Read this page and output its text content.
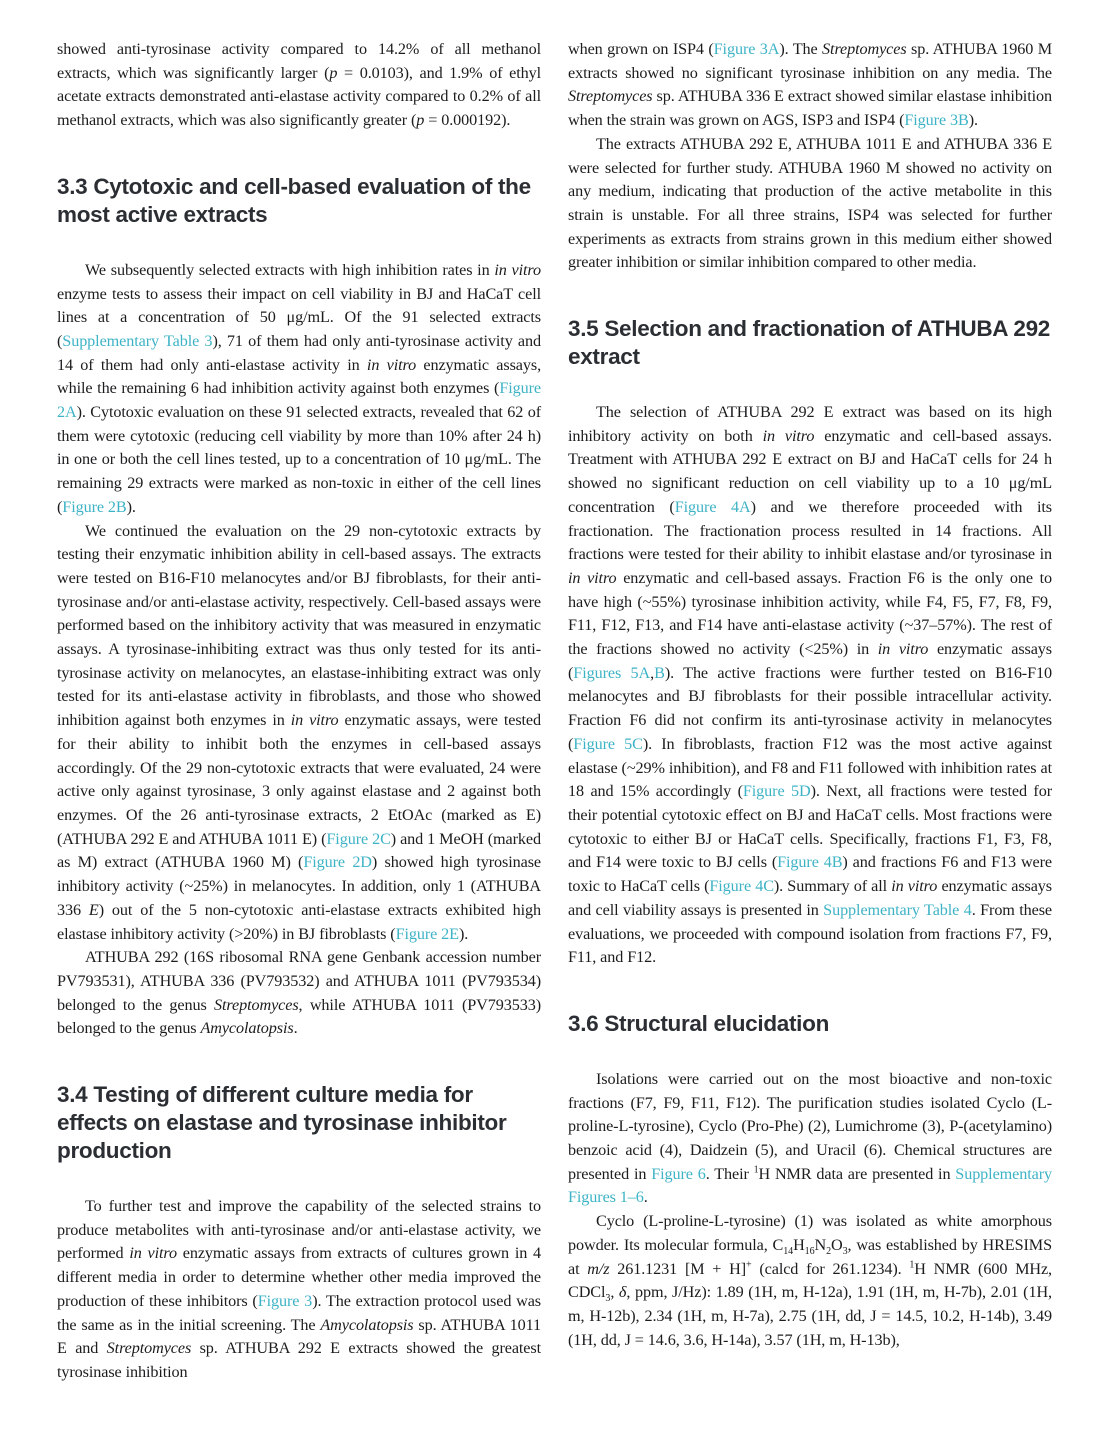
showed anti-tyrosinase activity compared to 14.2% of all methanol extracts, which was significantly larger (p = 0.0103), and 1.9% of ethyl acetate extracts demonstrated anti-elastase activity compared to 0.2% of all methanol extracts, which was also significantly greater (p = 0.000192).

3.3 Cytotoxic and cell-based evaluation of the most active extracts

We subsequently selected extracts with high inhibition rates in in vitro enzyme tests to assess their impact on cell viability in BJ and HaCaT cell lines at a concentration of 50 μg/mL. Of the 91 selected extracts (Supplementary Table 3), 71 of them had only anti-tyrosinase activity and 14 of them had only anti-elastase activity in in vitro enzymatic assays, while the remaining 6 had inhibition activity against both enzymes (Figure 2A). Cytotoxic evaluation on these 91 selected extracts, revealed that 62 of them were cytotoxic (reducing cell viability by more than 10% after 24 h) in one or both the cell lines tested, up to a concentration of 10 μg/mL. The remaining 29 extracts were marked as non-toxic in either of the cell lines (Figure 2B).

We continued the evaluation on the 29 non-cytotoxic extracts by testing their enzymatic inhibition ability in cell-based assays. The extracts were tested on B16-F10 melanocytes and/or BJ fibroblasts, for their anti-tyrosinase and/or anti-elastase activity, respectively. Cell-based assays were performed based on the inhibitory activity that was measured in enzymatic assays. A tyrosinase-inhibiting extract was thus only tested for its anti-tyrosinase activity on melanocytes, an elastase-inhibiting extract was only tested for its anti-elastase activity in fibroblasts, and those who showed inhibition against both enzymes in in vitro enzymatic assays, were tested for their ability to inhibit both the enzymes in cell-based assays accordingly. Of the 29 non-cytotoxic extracts that were evaluated, 24 were active only against tyrosinase, 3 only against elastase and 2 against both enzymes. Of the 26 anti-tyrosinase extracts, 2 EtOAc (marked as E) (ATHUBA 292 E and ATHUBA 1011 E) (Figure 2C) and 1 MeOH (marked as M) extract (ATHUBA 1960 M) (Figure 2D) showed high tyrosinase inhibitory activity (~25%) in melanocytes. In addition, only 1 (ATHUBA 336 E) out of the 5 non-cytotoxic anti-elastase extracts exhibited high elastase inhibitory activity (>20%) in BJ fibroblasts (Figure 2E).

ATHUBA 292 (16S ribosomal RNA gene Genbank accession number PV793531), ATHUBA 336 (PV793532) and ATHUBA 1011 (PV793534) belonged to the genus Streptomyces, while ATHUBA 1011 (PV793533) belonged to the genus Amycolatopsis.

3.4 Testing of different culture media for effects on elastase and tyrosinase inhibitor production

To further test and improve the capability of the selected strains to produce metabolites with anti-tyrosinase and/or anti-elastase activity, we performed in vitro enzymatic assays from extracts of cultures grown in 4 different media in order to determine whether other media improved the production of these inhibitors (Figure 3). The extraction protocol used was the same as in the initial screening. The Amycolatopsis sp. ATHUBA 1011 E and Streptomyces sp. ATHUBA 292 E extracts showed the greatest tyrosinase inhibition

when grown on ISP4 (Figure 3A). The Streptomyces sp. ATHUBA 1960 M extracts showed no significant tyrosinase inhibition on any media. The Streptomyces sp. ATHUBA 336 E extract showed similar elastase inhibition when the strain was grown on AGS, ISP3 and ISP4 (Figure 3B).

The extracts ATHUBA 292 E, ATHUBA 1011 E and ATHUBA 336 E were selected for further study. ATHUBA 1960 M showed no activity on any medium, indicating that production of the active metabolite in this strain is unstable. For all three strains, ISP4 was selected for further experiments as extracts from strains grown in this medium either showed greater inhibition or similar inhibition compared to other media.

3.5 Selection and fractionation of ATHUBA 292 extract

The selection of ATHUBA 292 E extract was based on its high inhibitory activity on both in vitro enzymatic and cell-based assays. Treatment with ATHUBA 292 E extract on BJ and HaCaT cells for 24 h showed no significant reduction on cell viability up to a 10 μg/mL concentration (Figure 4A) and we therefore proceeded with its fractionation. The fractionation process resulted in 14 fractions. All fractions were tested for their ability to inhibit elastase and/or tyrosinase in in vitro enzymatic and cell-based assays. Fraction F6 is the only one to have high (~55%) tyrosinase inhibition activity, while F4, F5, F7, F8, F9, F11, F12, F13, and F14 have anti-elastase activity (~37–57%). The rest of the fractions showed no activity (<25%) in in vitro enzymatic assays (Figures 5A,B). The active fractions were further tested on B16-F10 melanocytes and BJ fibroblasts for their possible intracellular activity. Fraction F6 did not confirm its anti-tyrosinase activity in melanocytes (Figure 5C). In fibroblasts, fraction F12 was the most active against elastase (~29% inhibition), and F8 and F11 followed with inhibition rates at 18 and 15% accordingly (Figure 5D). Next, all fractions were tested for their potential cytotoxic effect on BJ and HaCaT cells. Most fractions were cytotoxic to either BJ or HaCaT cells. Specifically, fractions F1, F3, F8, and F14 were toxic to BJ cells (Figure 4B) and fractions F6 and F13 were toxic to HaCaT cells (Figure 4C). Summary of all in vitro enzymatic assays and cell viability assays is presented in Supplementary Table 4. From these evaluations, we proceeded with compound isolation from fractions F7, F9, F11, and F12.

3.6 Structural elucidation

Isolations were carried out on the most bioactive and non-toxic fractions (F7, F9, F11, F12). The purification studies isolated Cyclo (L-proline-L-tyrosine), Cyclo (Pro-Phe) (2), Lumichrome (3), P-(acetylamino) benzoic acid (4), Daidzein (5), and Uracil (6). Chemical structures are presented in Figure 6. Their $^1$H NMR data are presented in Supplementary Figures 1–6.

Cyclo (L-proline-L-tyrosine) (1) was isolated as white amorphous powder. Its molecular formula, $C_{14}H_{16}N_2O_3$, was established by HRESIMS at m/z 261.1231 [M + H]+ (calcd for 261.1234). $^1$H NMR (600 MHz, CDCl$_3$, δ, ppm, J/Hz): 1.89 (1H, m, H-12a), 1.91 (1H, m, H-7b), 2.01 (1H, m, H-12b), 2.34 (1H, m, H-7a), 2.75 (1H, dd, J = 14.5, 10.2, H-14b), 3.49 (1H, dd, J = 14.6, 3.6, H-14a), 3.57 (1H, m, H-13b),
